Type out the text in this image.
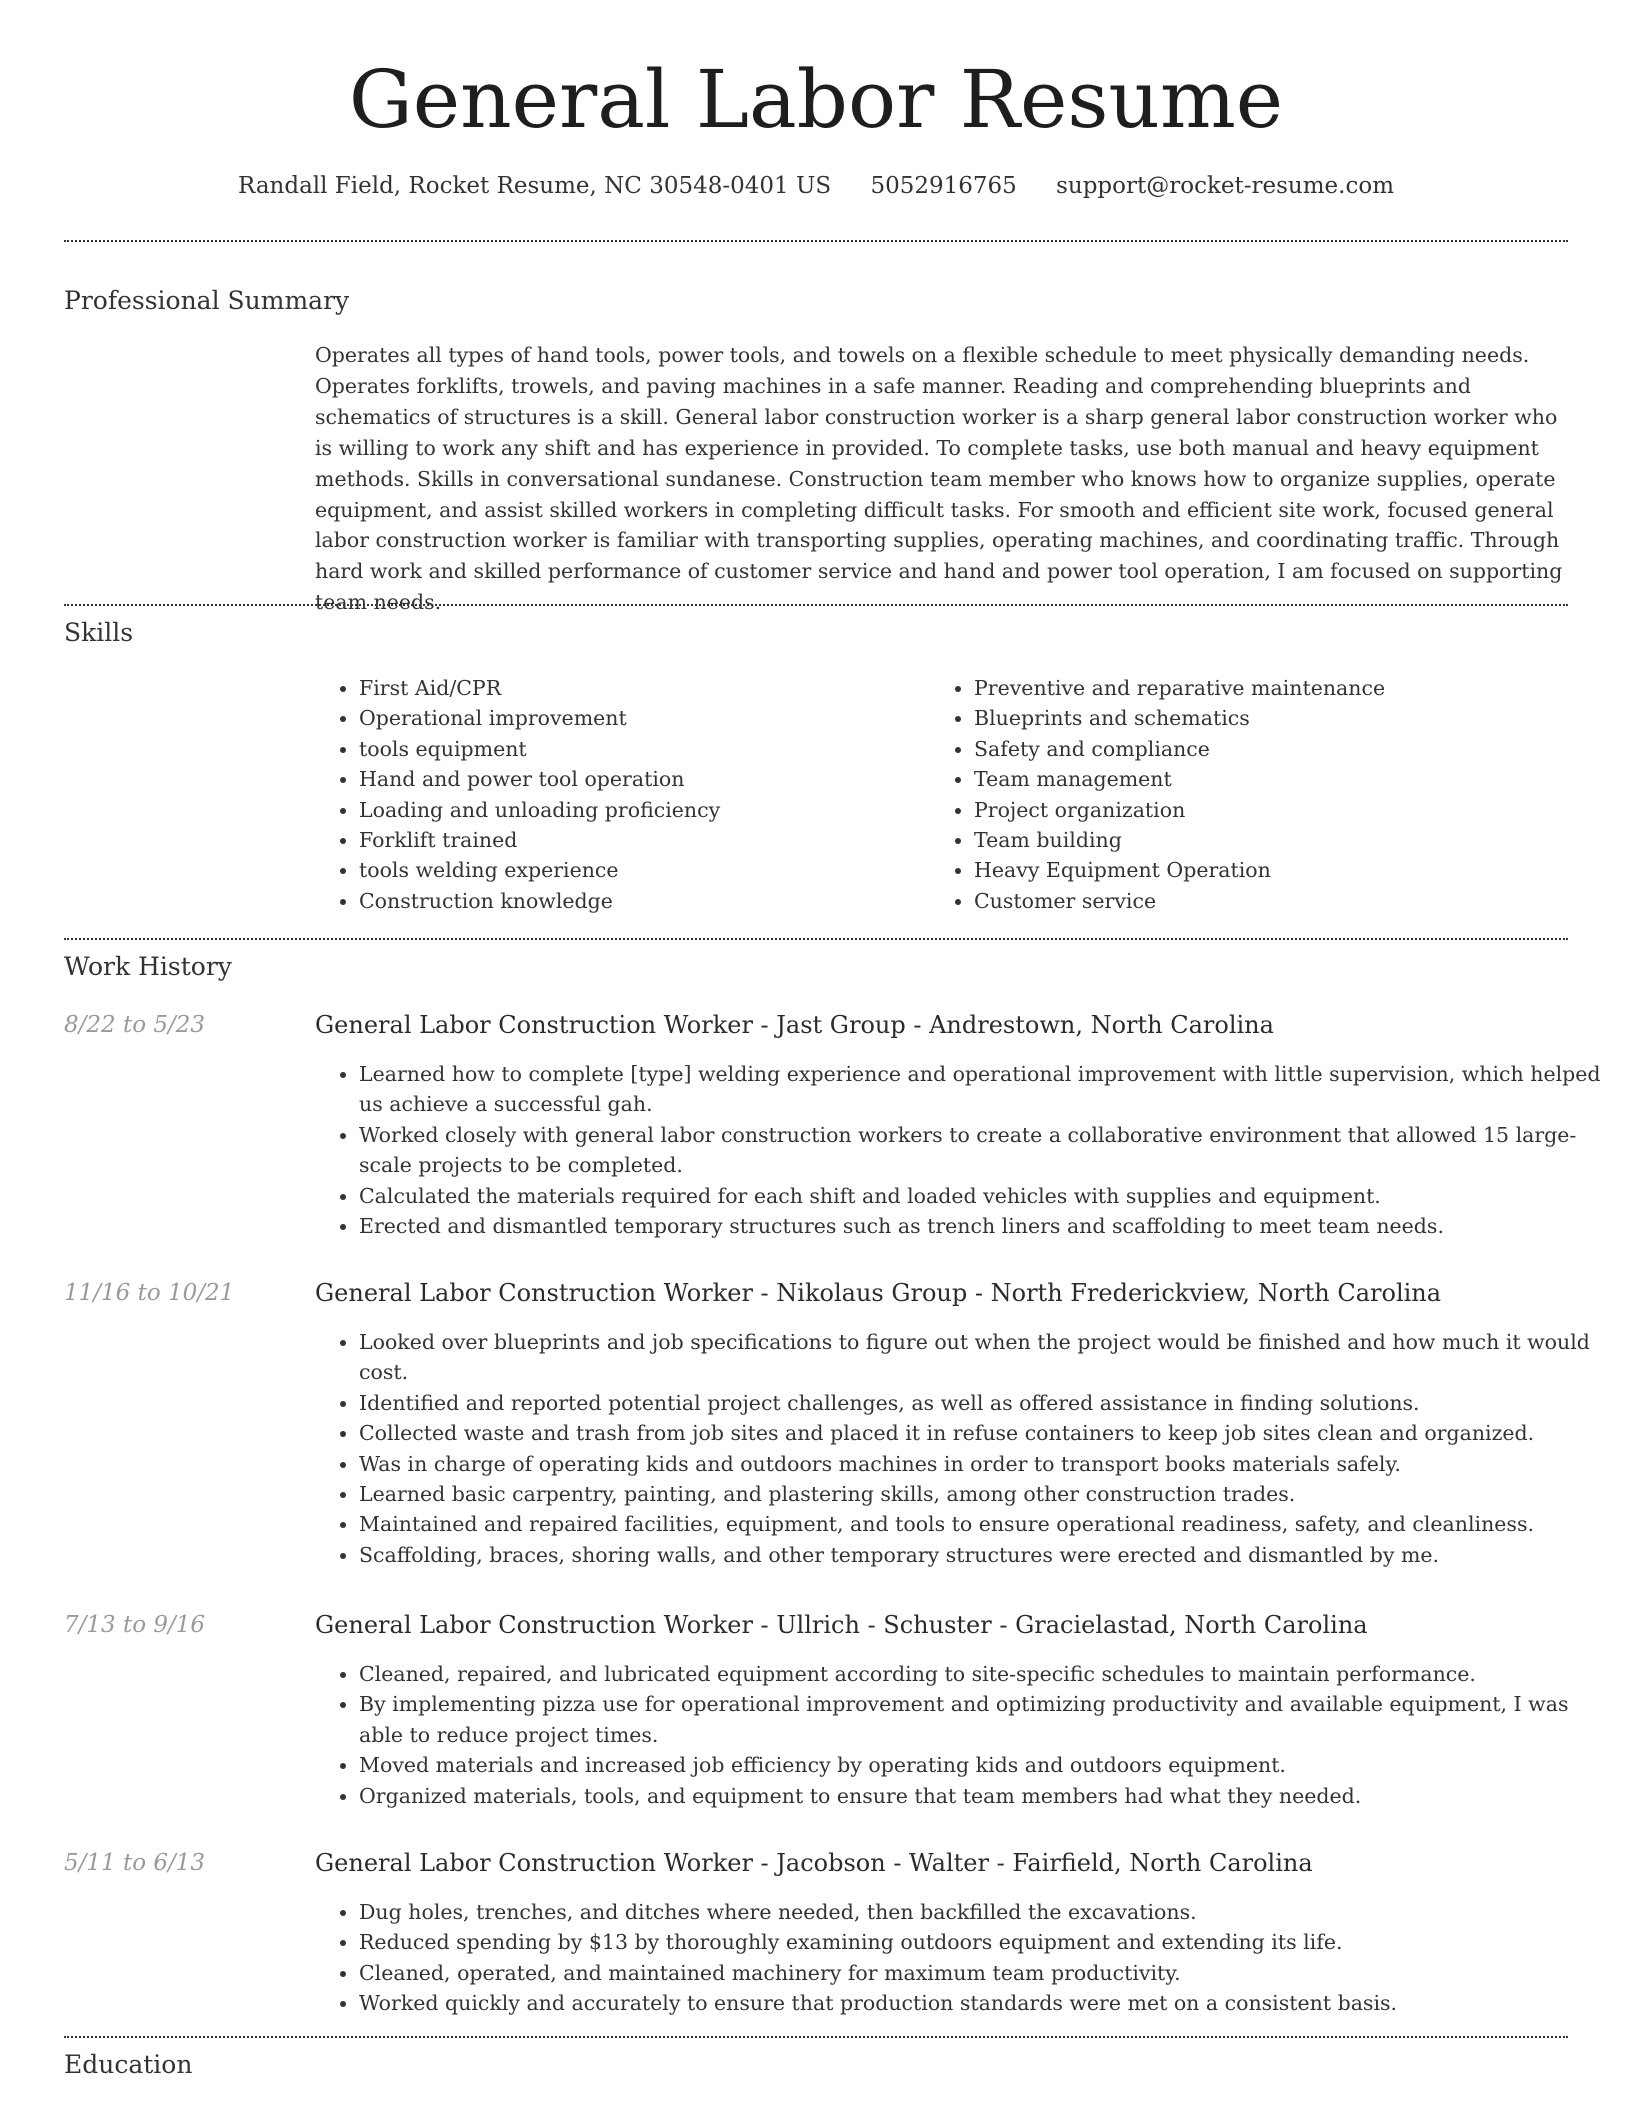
General Labor Resume
Randall Field, Rocket Resume, NC 30548-0401 US 5052916765 support@rocket-resume.com
Professional Summary

Operates all types of hand tools, power tools, and towels on a flexible schedule to meet physically demanding needs. Operates forklifts, trowels, and paving machines in a safe manner. Reading and comprehending blueprints and schematics of structures is a skill. General labor construction worker is a sharp general labor construction worker who is willing to work any shift and has experience in provided. To complete tasks, use both manual and heavy equipment methods. Skills in conversational sundanese. Construction team member who knows how to organize supplies, operate equipment, and assist skilled workers in completing difficult tasks. For smooth and efficient site work, focused general labor construction worker is familiar with transporting supplies, operating machines, and coordinating traffic. Through hard work and skilled performance of customer service and hand and power tool operation, I am focused on supporting team needs.

Skills
• First Aid/CPR
• Operational improvement
• tools equipment
• Hand and power tool operation
• Loading and unloading proficiency
• Forklift trained
• tools welding experience
• Construction knowledge
• Preventive and reparative maintenance
• Blueprints and schematics
• Safety and compliance
• Team management
• Project organization
• Team building
• Heavy Equipment Operation
• Customer service
Work History
8/22 to 5/23	General Labor Construction Worker - Jast Group - Andrestown, North Carolina
• Learned how to complete [type] welding experience and operational improvement with little supervision, which helped us achieve a successful gah.
• Worked closely with general labor construction workers to create a collaborative environment that allowed 15 large-scale projects to be completed.
• Calculated the materials required for each shift and loaded vehicles with supplies and equipment.
• Erected and dismantled temporary structures such as trench liners and scaffolding to meet team needs.
11/16 to 10/21	General Labor Construction Worker - Nikolaus Group - North Frederickview, North Carolina
• Looked over blueprints and job specifications to figure out when the project would be finished and how much it would cost.
• Identified and reported potential project challenges, as well as offered assistance in finding solutions.
• Collected waste and trash from job sites and placed it in refuse containers to keep job sites clean and organized.
• Was in charge of operating kids and outdoors machines in order to transport books materials safely.
• Learned basic carpentry, painting, and plastering skills, among other construction trades.
• Maintained and repaired facilities, equipment, and tools to ensure operational readiness, safety, and cleanliness.
• Scaffolding, braces, shoring walls, and other temporary structures were erected and dismantled by me.
7/13 to 9/16	General Labor Construction Worker - Ullrich - Schuster - Gracielastad, North Carolina
• Cleaned, repaired, and lubricated equipment according to site-specific schedules to maintain performance.
• By implementing pizza use for operational improvement and optimizing productivity and available equipment, I was able to reduce project times.
• Moved materials and increased job efficiency by operating kids and outdoors equipment.
• Organized materials, tools, and equipment to ensure that team members had what they needed.
5/11 to 6/13	General Labor Construction Worker - Jacobson - Walter - Fairfield, North Carolina
• Dug holes, trenches, and ditches where needed, then backfilled the excavations.
• Reduced spending by $13 by thoroughly examining outdoors equipment and extending its life.
• Cleaned, operated, and maintained machinery for maximum team productivity.
• Worked quickly and accurately to ensure that production standards were met on a consistent basis.
Education
